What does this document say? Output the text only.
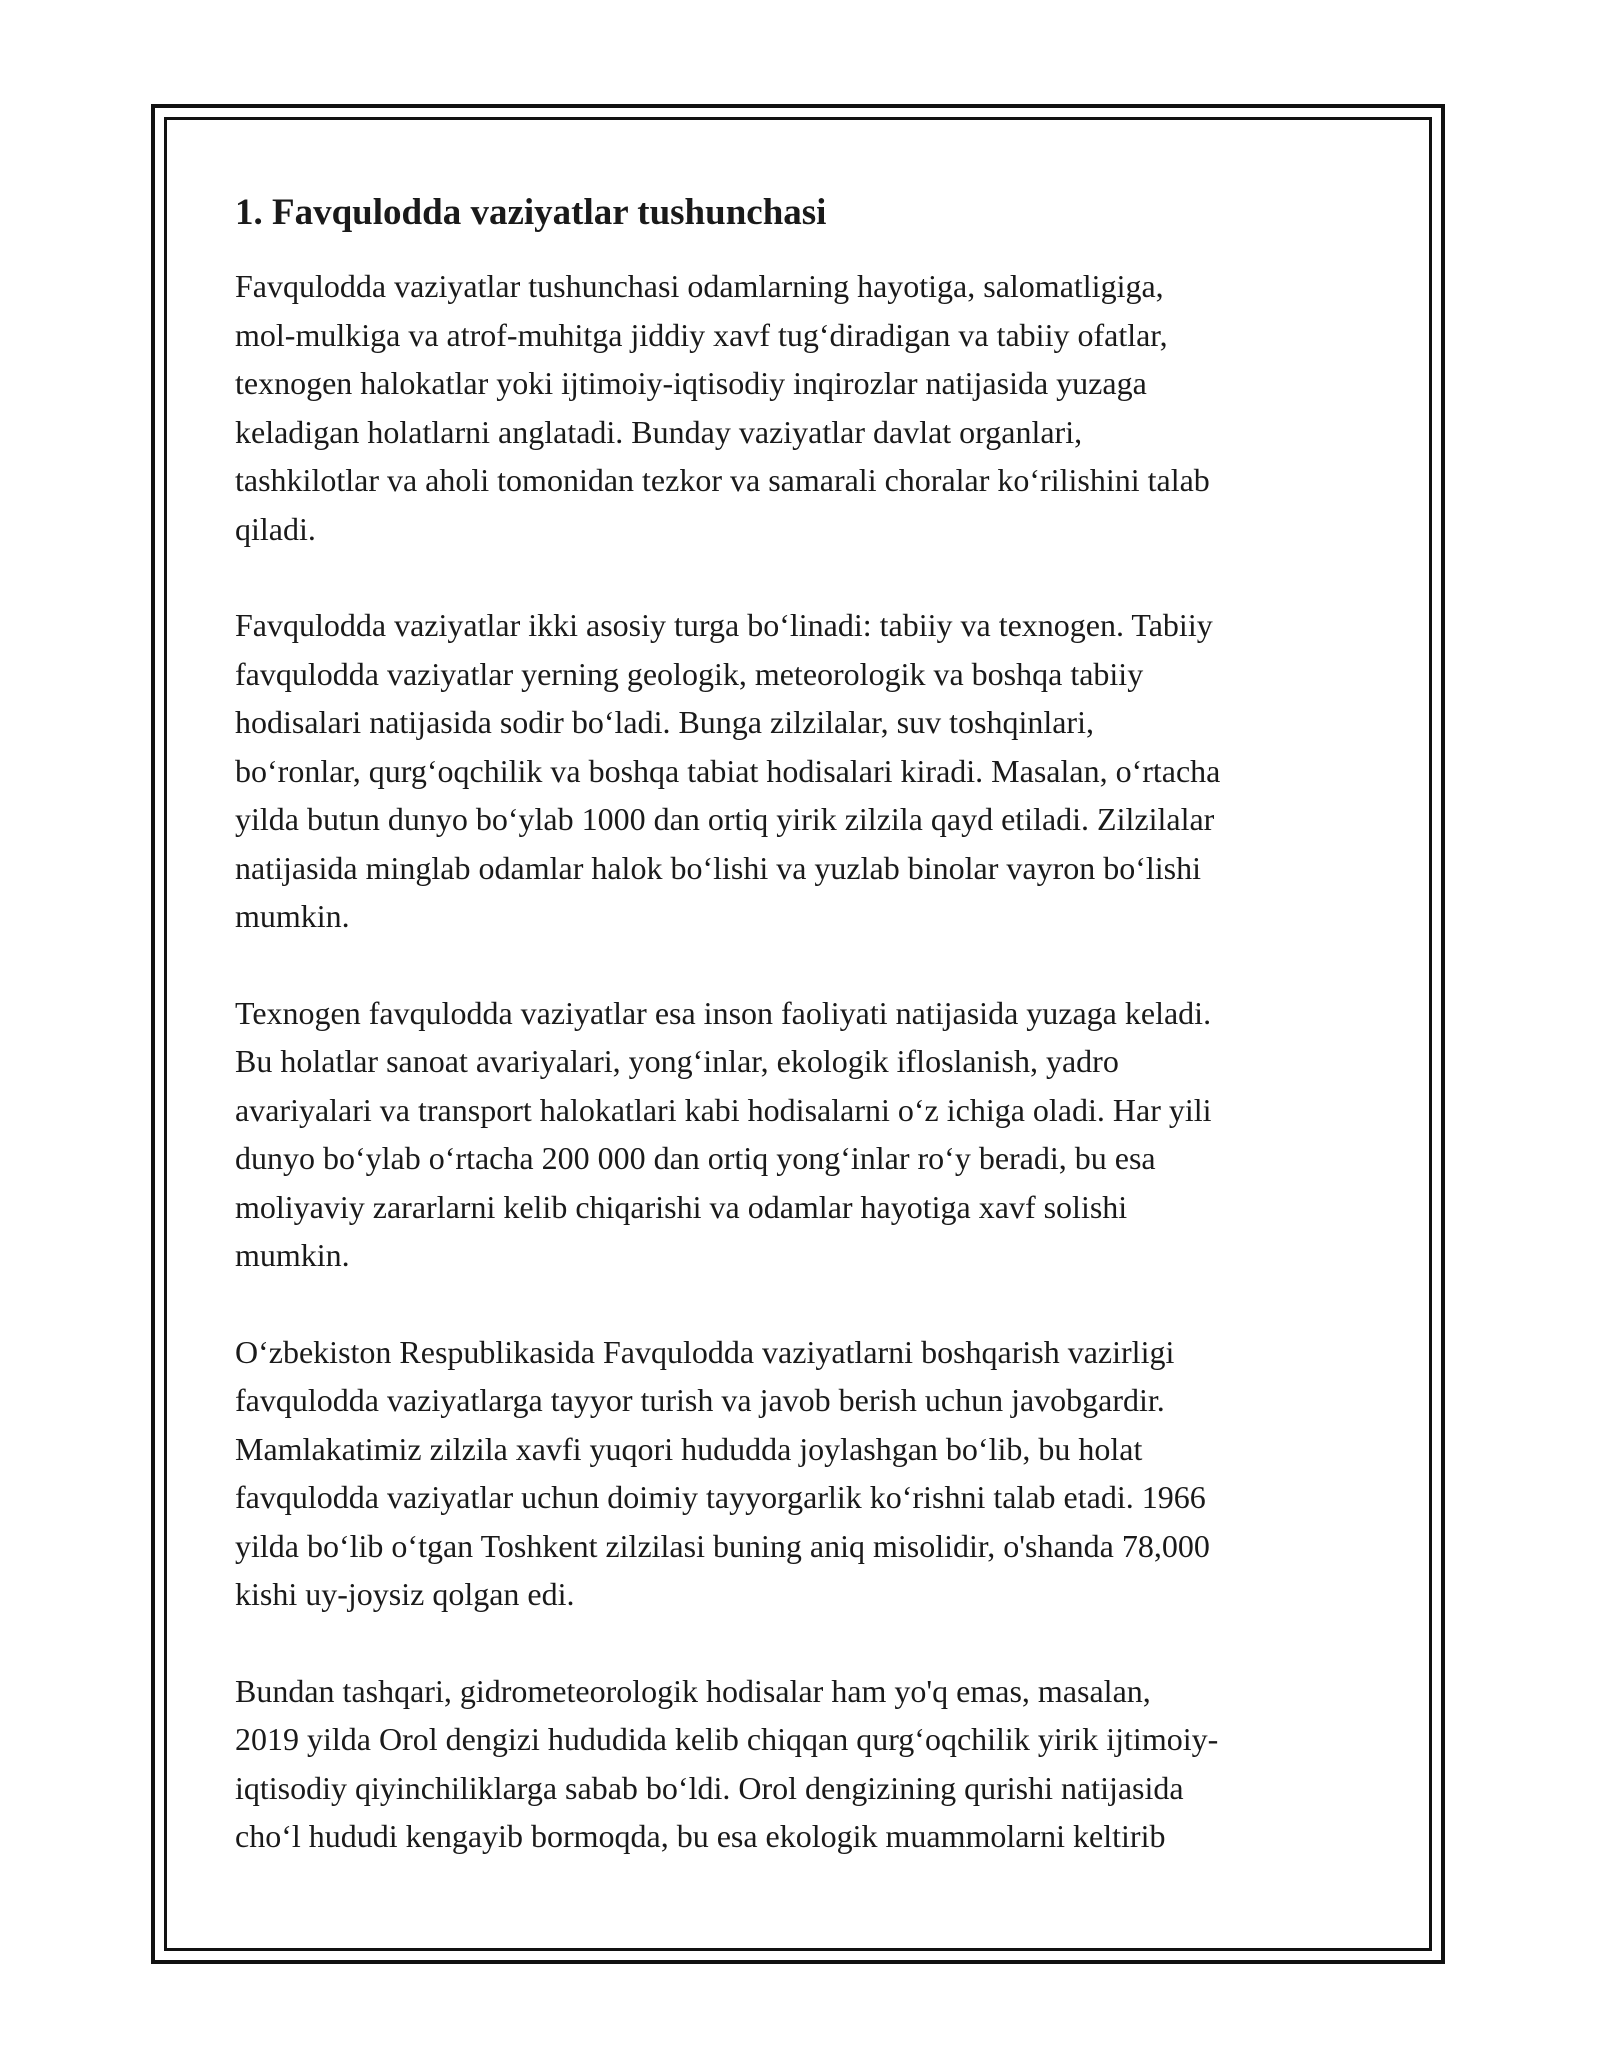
1. Favqulodda vaziyatlar tushunchasi

Favqulodda vaziyatlar tushunchasi odamlarning hayotiga, salomatligiga,
mol-mulkiga va atrof-muhitga jiddiy xavf tug‘diradigan va tabiiy ofatlar,
texnogen halokatlar yoki ijtimoiy-iqtisodiy inqirozlar natijasida yuzaga
keladigan holatlarni anglatadi. Bunday vaziyatlar davlat organlari,
tashkilotlar va aholi tomonidan tezkor va samarali choralar ko‘rilishini talab
qiladi.

Favqulodda vaziyatlar ikki asosiy turga bo‘linadi: tabiiy va texnogen. Tabiiy
favqulodda vaziyatlar yerning geologik, meteorologik va boshqa tabiiy
hodisalari natijasida sodir bo‘ladi. Bunga zilzilalar, suv toshqinlari,
bo‘ronlar, qurg‘oqchilik va boshqa tabiat hodisalari kiradi. Masalan, o‘rtacha
yilda butun dunyo bo‘ylab 1000 dan ortiq yirik zilzila qayd etiladi. Zilzilalar
natijasida minglab odamlar halok bo‘lishi va yuzlab binolar vayron bo‘lishi
mumkin.

Texnogen favqulodda vaziyatlar esa inson faoliyati natijasida yuzaga keladi.
Bu holatlar sanoat avariyalari, yong‘inlar, ekologik ifloslanish, yadro
avariyalari va transport halokatlari kabi hodisalarni o‘z ichiga oladi. Har yili
dunyo bo‘ylab o‘rtacha 200 000 dan ortiq yong‘inlar ro‘y beradi, bu esa
moliyaviy zararlarni kelib chiqarishi va odamlar hayotiga xavf solishi
mumkin.

O‘zbekiston Respublikasida Favqulodda vaziyatlarni boshqarish vazirligi
favqulodda vaziyatlarga tayyor turish va javob berish uchun javobgardir.
Mamlakatimiz zilzila xavfi yuqori hududda joylashgan bo‘lib, bu holat
favqulodda vaziyatlar uchun doimiy tayyorgarlik ko‘rishni talab etadi. 1966
yilda bo‘lib o‘tgan Toshkent zilzilasi buning aniq misolidir, o'shanda 78,000
kishi uy-joysiz qolgan edi.

Bundan tashqari, gidrometeorologik hodisalar ham yo'q emas, masalan,
2019 yilda Orol dengizi hududida kelib chiqqan qurg‘oqchilik yirik ijtimoiy-
iqtisodiy qiyinchiliklarga sabab bo‘ldi. Orol dengizining qurishi natijasida
cho‘l hududi kengayib bormoqda, bu esa ekologik muammolarni keltirib
